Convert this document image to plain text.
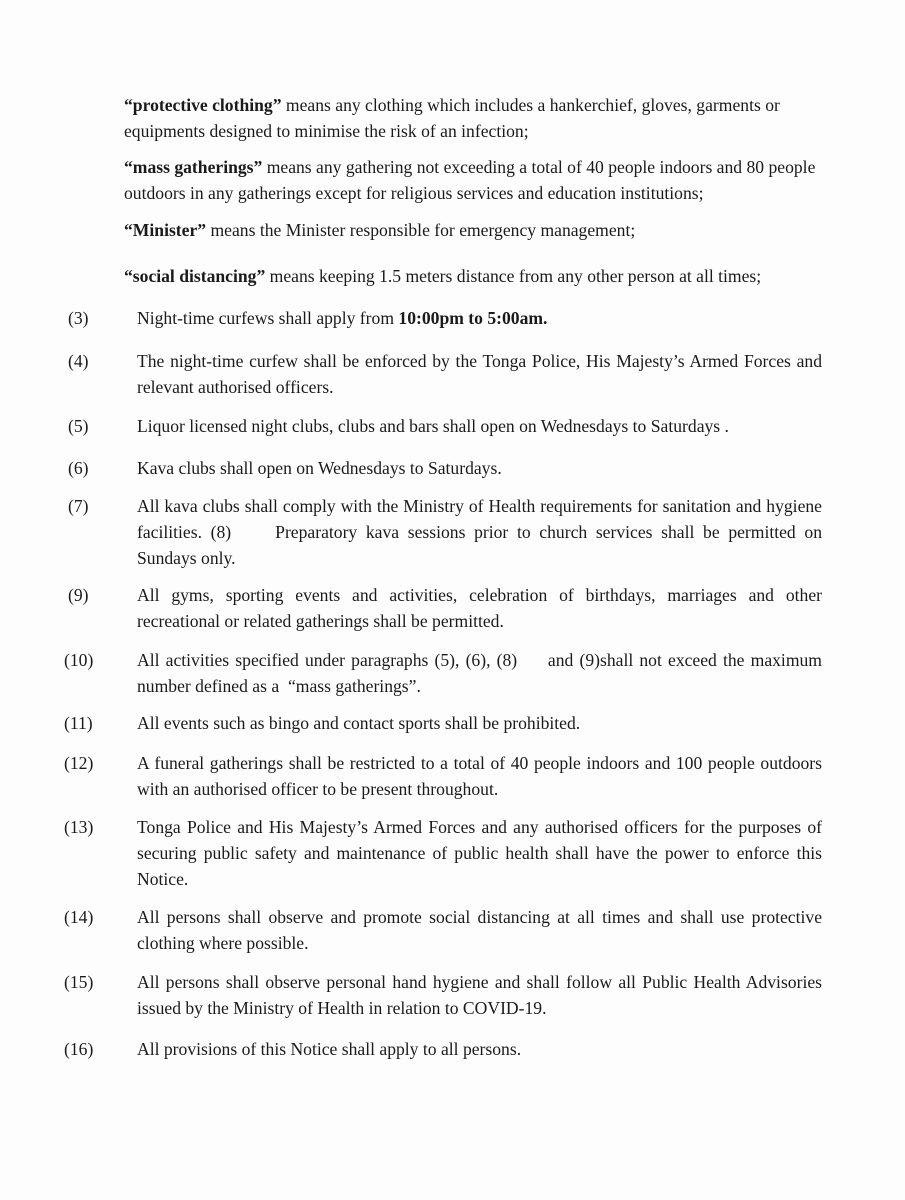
“protective clothing” means any clothing which includes a hankerchief, gloves, garments or equipments designed to minimise the risk of an infection;

“mass gatherings” means any gathering not exceeding a total of 40 people indoors and 80 people outdoors in any gatherings except for religious services and education institutions;

“Minister” means the Minister responsible for emergency management;

“social distancing” means keeping 1.5 meters distance from any other person at all times;

(3)	Night-time curfews shall apply from 10:00pm to 5:00am.
(4)	The night-time curfew shall be enforced by the Tonga Police, His Majesty’s Armed Forces and relevant authorised officers.
(5)	Liquor licensed night clubs, clubs and bars shall open on Wednesdays to Saturdays .
(6)	Kava clubs shall open on Wednesdays to Saturdays.
(7)	All kava clubs shall comply with the Ministry of Health requirements for sanitation and hygiene facilities. (8)	Preparatory kava sessions prior to church services shall be permitted on Sundays only.
(9)	All gyms, sporting events and activities, celebration of birthdays, marriages and other recreational or related gatherings shall be permitted.
(10)	All activities specified under paragraphs (5), (6), (8)     and (9)shall not exceed the maximum number defined as a  “mass gatherings”.
(11)	All events such as bingo and contact sports shall be prohibited.
(12)	A funeral gatherings shall be restricted to a total of 40 people indoors and 100 people outdoors with an authorised officer to be present throughout.
(13)	Tonga Police and His Majesty’s Armed Forces and any authorised officers for the purposes of securing public safety and maintenance of public health shall have the power to enforce this Notice.
(14)	All persons shall observe and promote social distancing at all times and shall use protective clothing where possible.
(15)	All persons shall observe personal hand hygiene and shall follow all Public Health Advisories issued by the Ministry of Health in relation to COVID-19.
(16)	All provisions of this Notice shall apply to all persons.
